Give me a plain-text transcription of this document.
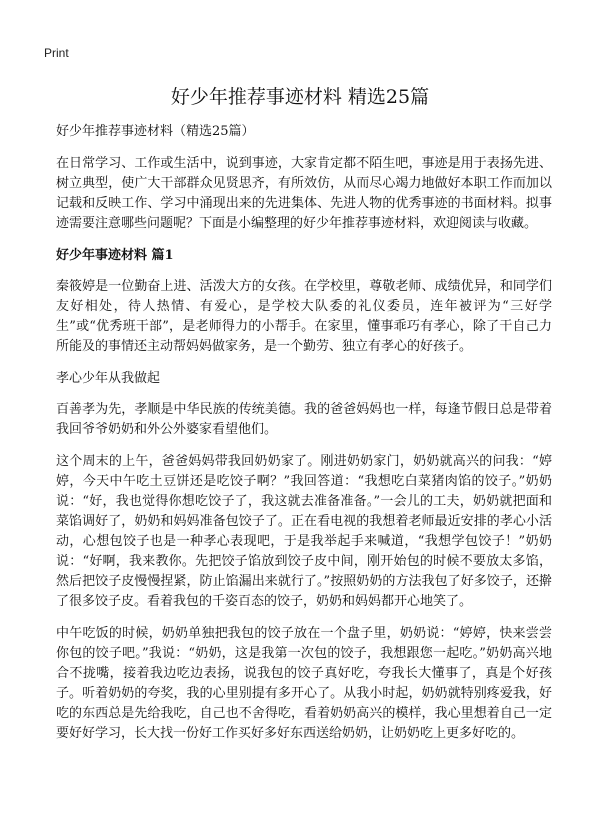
Print
好少年推荐事迹材料 精选25篇

好少年推荐事迹材料（精选25篇）

在日常学习、工作或生活中，说到事迹，大家肯定都不陌生吧，事迹是用于表扬先进、树立典型，使广大干部群众见贤思齐，有所效仿，从而尽心竭力地做好本职工作而加以记载和反映工作、学习中涌现出来的先进集体、先进人物的优秀事迹的书面材料。拟事迹需要注意哪些问题呢？下面是小编整理的好少年推荐事迹材料，欢迎阅读与收藏。

好少年事迹材料 篇1

秦筱婷是一位勤奋上进、活泼大方的女孩。在学校里，尊敬老师、成绩优异，和同学们友好相处，待人热情、有爱心，是学校大队委的礼仪委员，连年被评为“三好学生”或“优秀班干部”，是老师得力的小帮手。在家里，懂事乖巧有孝心，除了干自己力所能及的事情还主动帮妈妈做家务，是一个勤劳、独立有孝心的好孩子。

孝心少年从我做起

百善孝为先，孝顺是中华民族的传统美德。我的爸爸妈妈也一样，每逢节假日总是带着我回爷爷奶奶和外公外婆家看望他们。

这个周末的上午，爸爸妈妈带我回奶奶家了。刚进奶奶家门，奶奶就高兴的问我：“婷婷，今天中午吃土豆饼还是吃饺子啊？”我回答道：“我想吃白菜猪肉馅的饺子。”奶奶说：“好，我也觉得你想吃饺子了，我这就去准备准备。”一会儿的工夫，奶奶就把面和菜馅调好了，奶奶和妈妈准备包饺子了。正在看电视的我想着老师最近安排的孝心小活动，心想包饺子也是一种孝心表现吧，于是我举起手来喊道，“我想学包饺子！”奶奶说：“好啊，我来教你。先把饺子馅放到饺子皮中间，刚开始包的时候不要放太多馅，然后把饺子皮慢慢捏紧，防止馅漏出来就行了。”按照奶奶的方法我包了好多饺子，还擀了很多饺子皮。看着我包的千姿百态的饺子，奶奶和妈妈都开心地笑了。

中午吃饭的时候，奶奶单独把我包的饺子放在一个盘子里，奶奶说：“婷婷，快来尝尝你包的饺子吧。”我说：“奶奶，这是我第一次包的饺子，我想跟您一起吃。”奶奶高兴地合不拢嘴，接着我边吃边表扬，说我包的饺子真好吃，夸我长大懂事了，真是个好孩子。听着奶奶的夸奖，我的心里别提有多开心了。从我小时起，奶奶就特别疼爱我，好吃的东西总是先给我吃，自己也不舍得吃，看着奶奶高兴的模样，我心里想着自己一定要好好学习，长大找一份好工作买好多好东西送给奶奶，让奶奶吃上更多好吃的。
